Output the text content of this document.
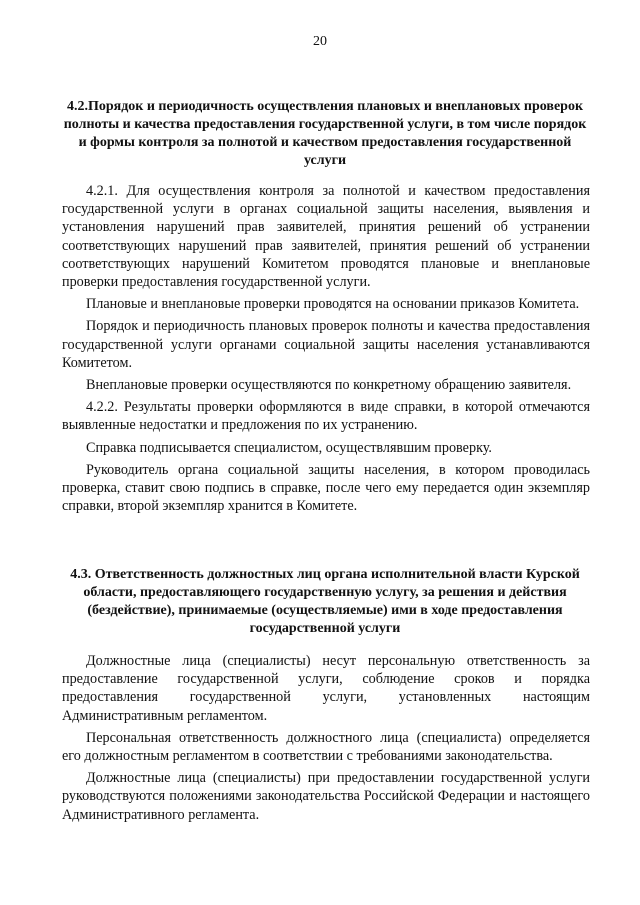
20
4.2.Порядок и периодичность осуществления плановых и внеплановых проверок полноты и качества предоставления государственной услуги, в том числе порядок и формы контроля за полнотой и качеством предоставления государственной услуги

4.2.1. Для осуществления контроля за полнотой и качеством предоставления государственной услуги в органах социальной защиты населения, выявления и установления нарушений прав заявителей, принятия решений об устранении соответствующих нарушений прав заявителей, принятия решений об устранении соответствующих нарушений Комитетом проводятся плановые и внеплановые проверки предоставления государственной услуги.

Плановые и внеплановые проверки проводятся на основании приказов Комитета.

Порядок и периодичность плановых проверок полноты и качества предоставления государственной услуги органами социальной защиты населения устанавливаются Комитетом.

Внеплановые проверки осуществляются по конкретному обращению заявителя.

4.2.2. Результаты проверки оформляются в виде справки, в которой отмечаются выявленные недостатки и предложения по их устранению.

Справка подписывается специалистом, осуществлявшим проверку.

Руководитель органа социальной защиты населения, в котором проводилась проверка, ставит свою подпись в справке, после чего ему передается один экземпляр справки, второй экземпляр хранится в Комитете.

4.3. Ответственность должностных лиц органа исполнительной власти Курской области, предоставляющего государственную услугу, за решения и действия (бездействие), принимаемые (осуществляемые) ими в ходе предоставления государственной услуги

Должностные лица (специалисты) несут персональную ответственность за предоставление государственной услуги, соблюдение сроков и порядка предоставления государственной услуги, установленных настоящим Административным регламентом.

Персональная ответственность должностного лица (специалиста) определяется его должностным регламентом в соответствии с требованиями законодательства.

Должностные лица (специалисты) при предоставлении государственной услуги руководствуются положениями законодательства Российской Федерации и настоящего Административного регламента.
